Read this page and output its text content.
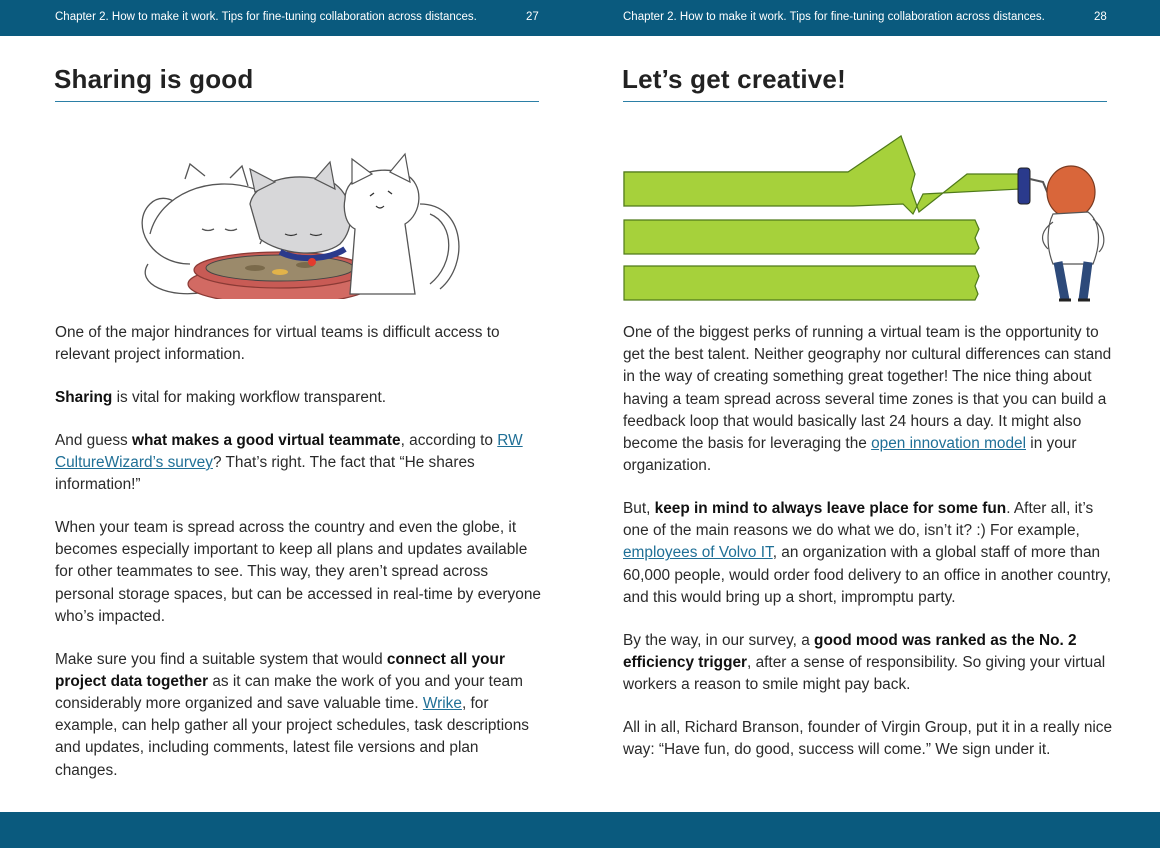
Chapter 2. How to make it work. Tips for fine-tuning collaboration across distances.	27	Chapter 2. How to make it work. Tips for fine-tuning collaboration across distances.	28
Sharing is good

One of the major hindrances for virtual teams is difficult access to relevant project information.

Sharing is vital for making workflow transparent.

And guess what makes a good virtual teammate, according to RW CultureWizard’s survey? That’s right. The fact that “He shares information!”

When your team is spread across the country and even the globe, it becomes especially important to keep all plans and updates available for other teammates to see. This way, they aren’t spread across personal storage spaces, but can be accessed in real-time by everyone who’s impacted.

Make sure you find a suitable system that would connect all your project data together as it can make the work of you and your team considerably more organized and save valuable time. Wrike, for example, can help gather all your project schedules, task descriptions and updates, including comments, latest file versions and plan changes.

Let’s get creative!

One of the biggest perks of running a virtual team is the opportunity to get the best talent. Neither geography nor cultural differences can stand in the way of creating something great together! The nice thing about having a team spread across several time zones is that you can build a feedback loop that would basically last 24 hours a day. It might also become the basis for leveraging the open innovation model in your organization.

But, keep in mind to always leave place for some fun. After all, it’s one of the main reasons we do what we do, isn’t it? :) For example, employees of Volvo IT, an organization with a global staff of more than 60,000 people, would order food delivery to an office in another country, and this would bring up a short, impromptu party.

By the way, in our survey, a good mood was ranked as the No. 2 efficiency trigger, after a sense of responsibility. So giving your virtual workers a reason to smile might pay back.

All in all, Richard Branson, founder of Virgin Group, put it in a really nice way: “Have fun, do good, success will come.” We sign under it.
